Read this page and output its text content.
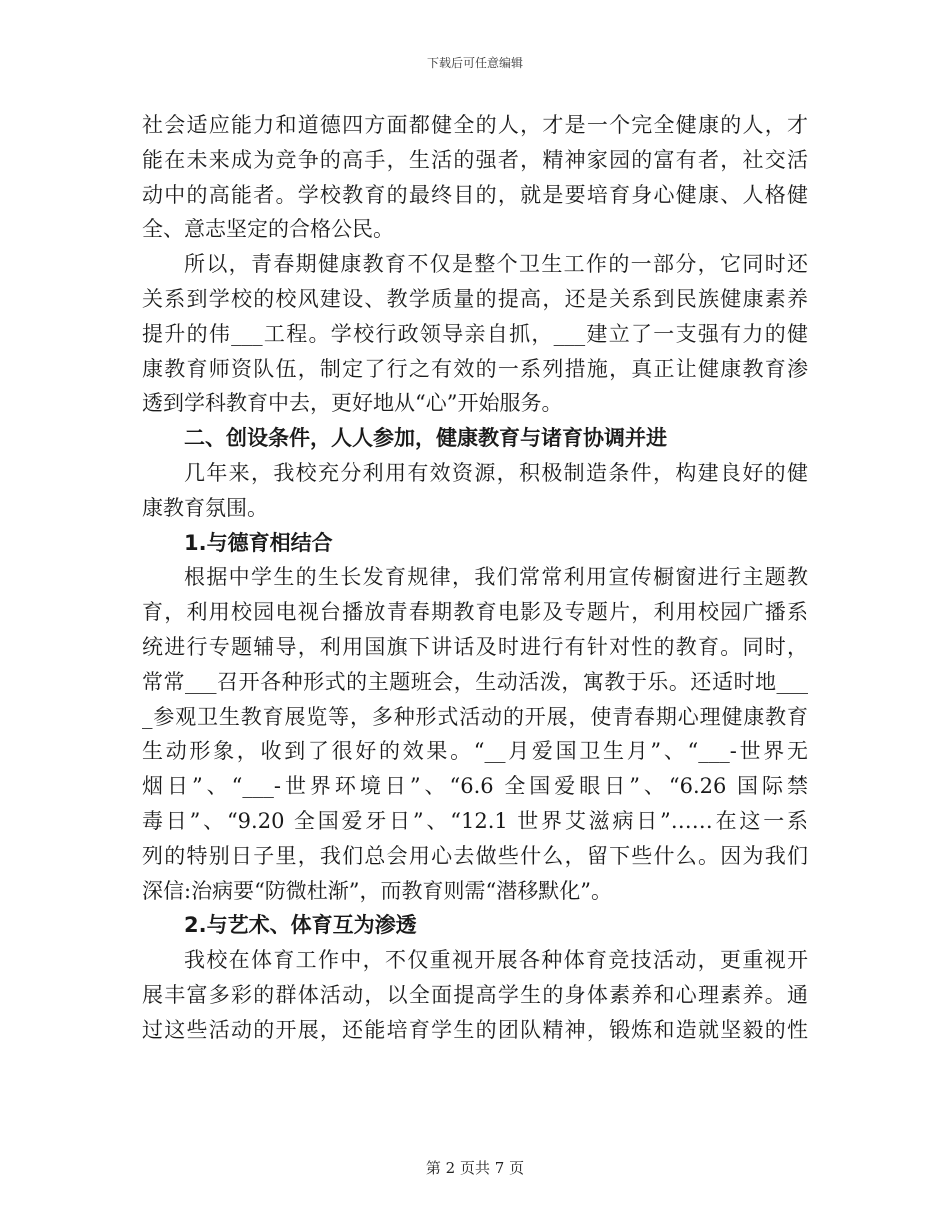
下载后可任意编辑
社会适应能力和道德四方面都健全的人，才是一个完全健康的人，才
能在未来成为竞争的高手，生活的强者，精神家园的富有者，社交活
动中的高能者。学校教育的最终目的，就是要培育身心健康、人格健
全、意志坚定的合格公民。
所以，青春期健康教育不仅是整个卫生工作的一部分，它同时还
关系到学校的校风建设、教学质量的提高，还是关系到民族健康素养
提升的伟___工程。学校行政领导亲自抓，___建立了一支强有力的健
康教育师资队伍，制定了行之有效的一系列措施，真正让健康教育渗
透到学科教育中去，更好地从“心”开始服务。
二、创设条件，人人参加，健康教育与诸育协调并进
几年来，我校充分利用有效资源，积极制造条件，构建良好的健
康教育氛围。
1.与德育相结合
根据中学生的生长发育规律，我们常常利用宣传橱窗进行主题教
育，利用校园电视台播放青春期教育电影及专题片，利用校园广播系
统进行专题辅导，利用国旗下讲话及时进行有针对性的教育。同时，
常常___召开各种形式的主题班会，生动活泼，寓教于乐。还适时地___
_参观卫生教育展览等，多种形式活动的开展，使青春期心理健康教育
生动形象，收到了很好的效果。“__月爱国卫生月”、“___-世界无
烟日”、“___-世界环境日”、“6.6 全国爱眼日”、“6.26 国际禁
毒日”、“9.20 全国爱牙日”、“12.1 世界艾滋病日”……在这一系
列的特别日子里，我们总会用心去做些什么，留下些什么。因为我们
深信:治病要“防微杜渐”，而教育则需“潜移默化”。
2.与艺术、体育互为渗透
我校在体育工作中，不仅重视开展各种体育竞技活动，更重视开
展丰富多彩的群体活动，以全面提高学生的身体素养和心理素养。通
过这些活动的开展，还能培育学生的团队精神，锻炼和造就坚毅的性
第 2 页共 7 页
